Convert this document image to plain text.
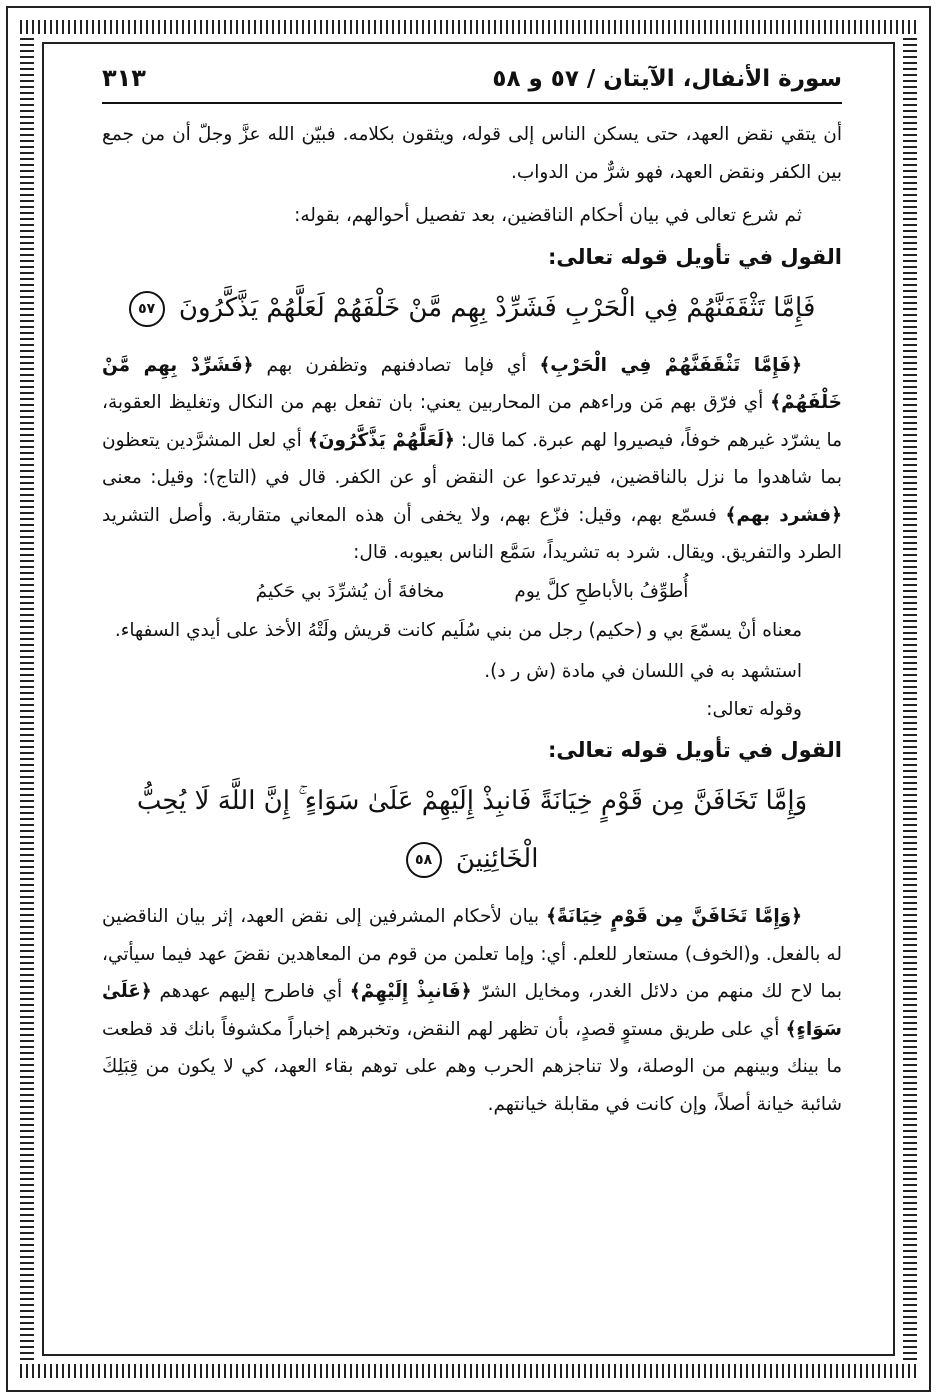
سورة الأنفال، الآيتان / ٥٧ و ٥٨
٣١٣

أن يتقي نقض العهد، حتى يسكن الناس إلى قوله، ويثقون بكلامه. فبيّن الله عزَّ وجلّ أن من جمع بين الكفر ونقض العهد، فهو شرٌّ من الدواب.

ثم شرع تعالى في بيان أحكام الناقضين، بعد تفصيل أحوالهم، بقوله:

القول في تأويل قوله تعالى:

فَإِمَّا تَثْقَفَنَّهُمْ فِي الْحَرْبِ فَشَرِّدْ بِهِم مَّنْ خَلْفَهُمْ لَعَلَّهُمْ يَذَّكَّرُونَ ٥٧

﴿فَإِمَّا تَثْقَفَنَّهُمْ فِي الْحَرْبِ﴾ أي فإما تصادفنهم وتظفرن بهم ﴿فَشَرِّدْ بِهِم مَّنْ خَلْفَهُمْ﴾ أي فرّق بهم مَن وراءهم من المحاربين يعني: بان تفعل بهم من النكال وتغليظ العقوبة، ما يشرّد غيرهم خوفاً، فيصيروا لهم عبرة. كما قال: ﴿لَعَلَّهُمْ يَذَّكَّرُونَ﴾ أي لعل المشرَّدين يتعظون بما شاهدوا ما نزل بالناقضين، فيرتدعوا عن النقض أو عن الكفر. قال في (التاج): وقيل: معنى ﴿فشرد بهم﴾ فسمّع بهم، وقيل: فزّع بهم، ولا يخفى أن هذه المعاني متقاربة. وأصل التشريد الطرد والتفريق. ويقال. شرد به تشريداً، سَمَّع الناس بعيوبه. قال:

أُطوِّفُ بالأباطحِ كلَّ يوم
مخافةَ أن يُشرِّدَ بي حَكيمُ

معناه أنْ يسمّعَ بي و (حكيم) رجل من بني سُلَيم كانت قريش ولَتْهُ الأخذ على أيدي السفهاء.

استشهد به في اللسان في مادة (ش ر د).

وقوله تعالى:

القول في تأويل قوله تعالى:

وَإِمَّا تَخَافَنَّ مِن قَوْمٍ خِيَانَةً فَانبِذْ إِلَيْهِمْ عَلَىٰ سَوَاءٍ ۚ إِنَّ اللَّهَ لَا يُحِبُّ الْخَائِنِينَ ٥٨

﴿وَإِمَّا تَخَافَنَّ مِن قَوْمٍ خِيَانَةً﴾ بيان لأحكام المشرفين إلى نقض العهد، إثر بيان الناقضين له بالفعل. و(الخوف) مستعار للعلم. أي: وإما تعلمن من قوم من المعاهدين نقضَ عهد فيما سيأتي، بما لاح لك منهم من دلائل الغدر، ومخايل الشرّ ﴿فَانبِذْ إِلَيْهِمْ﴾ أي فاطرح إليهم عهدهم ﴿عَلَىٰ سَوَاءٍ﴾ أي على طريق مستوٍ قصدٍ، بأن تظهر لهم النقض، وتخبرهم إخباراً مكشوفاً بانك قد قطعت ما بينك وبينهم من الوصلة، ولا تناجزهم الحرب وهم على توهم بقاء العهد، كي لا يكون من قِبَلِكَ شائبة خيانة أصلاً، وإن كانت في مقابلة خيانتهم.
